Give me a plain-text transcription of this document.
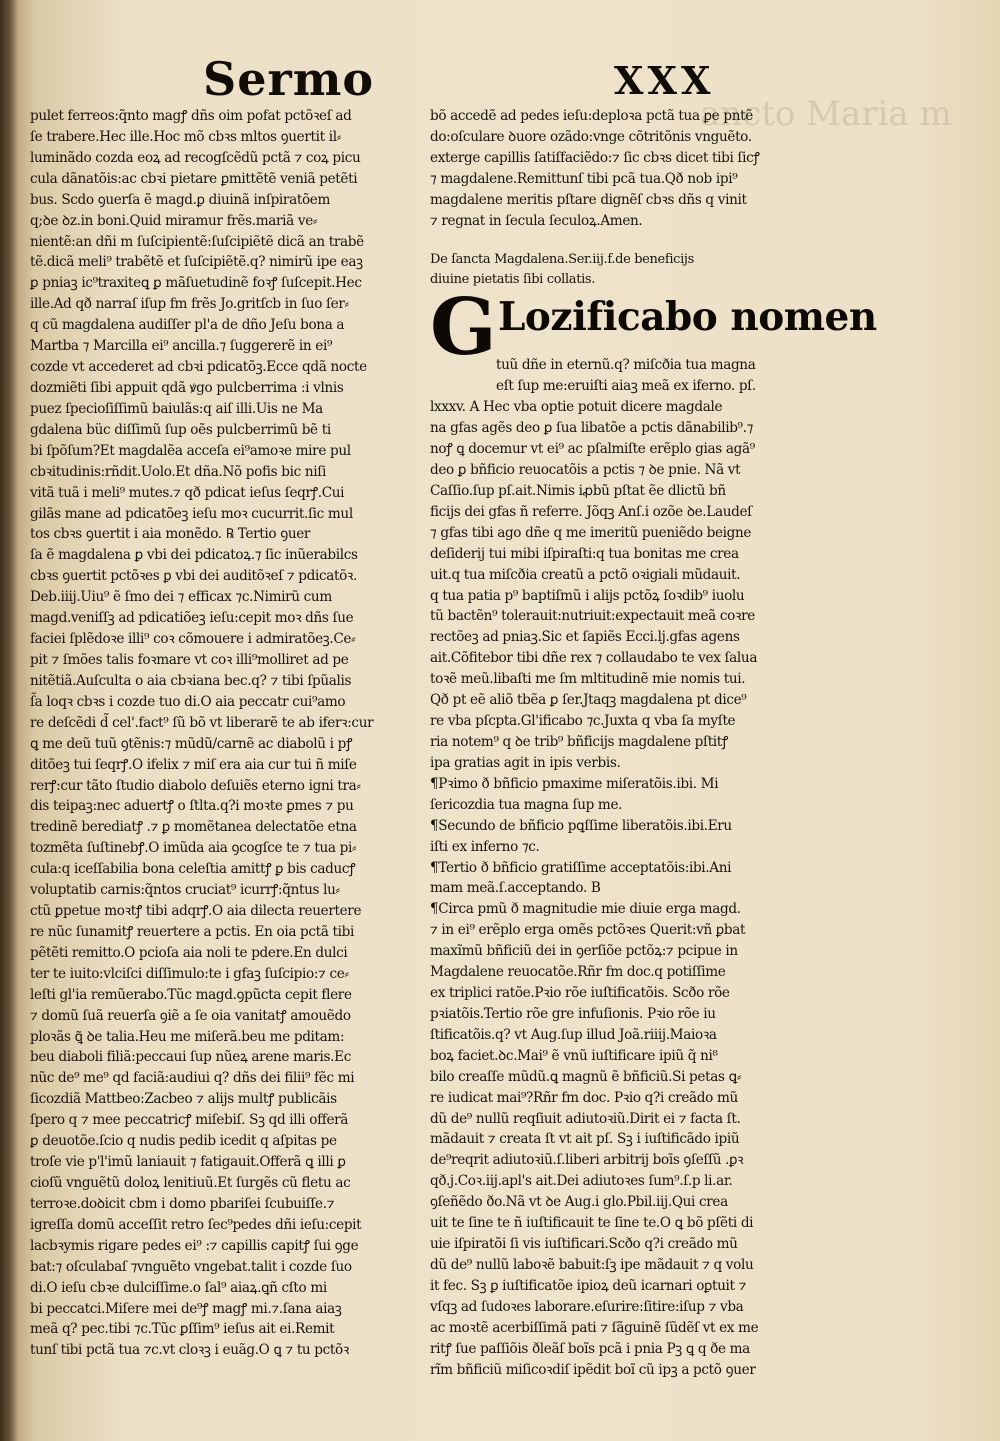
Sermo
ancto Maria m
XXX
pulet ferreos:q̃nto magꝭ dñs oim pofat pctõꝛeſ ad
ſe trabere.Hec ille.Hoc mõ cbꝛs mltos ꝯuertit il⸗
luminãdo cozda eoꝝ ad recogſcẽdũ pctã ⁊ coꝝ picu
cula dãnatõis:ac cbꝛi pietare ꝑmittẽtẽ veniã petẽti
bus. Scdo ꝯuerſa ẽ magd.ꝑ diuinã inſpiratõem
q;ꝺe ꝺz.in boni.Quid miramur frẽs.mariã ve⸗
nientẽ:an dñi m ſuſcipientẽ:ſuſcipiẽtẽ dicã an trabẽ
tẽ.dicã meli⁹ trabẽtẽ et ſuſcipiẽtẽ.q? nimirũ ipe eaꝫ
ꝑ pniaꝫ ic⁹traxiteꝗ ꝑ mãſuetudinẽ foꝛꝭ ſuſcepit.Hec
ille.Ad qð narraſ iſup fm frẽs Jo.gritſcb in ſuo ſer⸗
q cũ magdalena audiſſer pl'a de dño Jeſu bona a
Martba ⁊ Marcilla ei⁹ ancilla.⁊ ſuggererẽ in ei⁹
cozde vt accederet ad cbꝛi pdicatõꝫ.Ecce qdã nocte
dozmiẽti ſibi appuit qdã ꝟgo pulcberrima :i vlnis
puez ſpecioſiſſimũ baiulãs:q aiſ illi.Uis ne Ma
gdalena büc diſſimũ ſup oẽs pulcberrimũ bẽ ti
bi ſpõſum?Et magdalẽa acceſa ei⁹amoꝛe mire pul
cbꝛitudinis:rñdit.Uolo.Et dña.Nõ pofis bic niſi
vitã tuã i meli⁹ mutes.⁊ qð pdicat ieſus ſeqrꝭ.Cui
gilãs mane ad pdicatõeꝫ ieſu moꝛ cucurrit.ſic mul
tos cbꝛs ꝯuertit i aia monẽdo. ℞ Tertio ꝯuer
ſa ẽ magdalena ꝑ vbi dei pdicatoꝝ.⁊ ſic inũerabilcs
cbꝛs ꝯuertit pctõꝛes ꝑ vbi dei auditõꝛeſ ⁊ pdicatõꝛ.
Deb.iiij.Uiu⁹ ẽ ſmo dei ⁊ efficax ⁊c.Nimirũ cum
magd.veniſſꝫ ad pdicatiõeꝫ ieſu:cepit moꝛ dñs ſue
faciei ſplẽdoꝛe illi⁹ coꝛ cõmouere i admiratõeꝫ.Ce⸗
pit ⁊ ſmões talis foꝛmare vt coꝛ illi⁹molliret ad pe
nitẽtiã.Auſculta o aia cbꝛiana bec.q? ⁊ tibi ſpũalis
ſ̃a loqꝛ cbꝛs i cozde tuo di.O aia peccatr cui⁹amo
re deſcẽdi d̃ cel'.fact⁹ ſũ bõ vt liberarẽ te ab iferꝛ:cur
ꝗ me deũ tuũ ꝯtẽnis:⁊ mũdũ/carnẽ ac diabolũ i pꝭ
ditõeꝫ tui ſeqrꝭ.O ifelix ⁊ miſ era aia cur tui ñ miſe
rerꝭ:cur tãto ſtudio diabolo deſuiẽs eterno igni tra⸗
dis teipaꝫ:nec aduertꝭ o ſtlta.q?i moꝛte ꝑmes ⁊ pu
tredinẽ berediatꝭ .⁊ ꝑ momẽtanea delectatõe etna
tozmẽta ſuſtinebꝭ.O imũda aia ꝯcogſce te ⁊ tua pi⸗
cula:q iceſſabilia bona celeſtia amittꝭ ꝑ bis caducꝭ
voluptatib carnis:q̃ntos cruciat⁹ icurrꝭ:q̃ntus lu⸗
ctũ ꝑpetue moꝛtꝭ tibi adqrꝭ.O aia dilecta reuertere
re nũc ſunamitꝭ reuertere a pctis. En oia pctã tibi
pẽtẽti remitto.O pcioſa aia noli te pdere.En dulci
ter te iuito:vlciſci diſſimulo:te i gfaꝫ ſuſcipio:⁊ ce⸗
leſti gl'ia remũerabo.Tũc magd.ꝯpũcta cepit flere
⁊ domũ ſuã reuerſa ꝯiẽ a ſe oia vanitatꝭ amouẽdo
ploꝛãs ꝗ̃ ꝺe talia.Heu me miſerã.beu me pditam:
beu diaboli filiã:peccaui ſup nũeꝝ arene maris.Ec
nũc de⁹ me⁹ qd faciã:audiui q? dñs dei filii⁹ fẽc mi
ſicozdiã Mattbeo:Zacbeo ⁊ alijs multꝭ publicãis
ſpero q ⁊ mee peccatricꝭ miſebiſ. Sꝫ qd illi offerã
ꝑ deuotõe.ſcio q nudis pedib icedit q aſpitas pe
troſe vie p'l'imũ laniauit ⁊ fatigauit.Offerã ꝗ illi ꝑ
cioſũ vnguẽtũ doloꝝ lenitiuũ.Et ſurgẽs cũ fletu ac
terroꝛe.doꝺicit cbm i domo pbariſei ſcubuiſſe.⁊
igreſſa domũ acceſſit retro ſec⁹pedes dñi ieſu:cepit
lacbꝛymis rigare pedes ei⁹ :⁊ capillis capitꝭ ſui ꝯge
bat:⁊ oſculabaſ ⁊vnguẽto vngebat.talit i cozde ſuo
di.O ieſu cbꝛe dulciſſime.o ſal⁹ aiaꝝ.ꝗñ cſto mi
bi peccatci.Miſere mei de⁹ꝭ magꝭ mi.⁊.ſana aiaꝫ
meã q? pec.tibi ⁊c.Tũc ꝑſſim⁹ ieſus ait ei.Remit
tunſ tibi pctã tua ⁊c.vt cloꝛꝫ i euãg.O ꝗ ⁊ tu pctõꝛ
bõ accedẽ ad pedes ieſu:deploꝛa pctã tua ꝑe pntẽ
do:oſculare ꝺuore ozãdo:vnge cõtritõnis vnguẽto.
exterge capillis ſatiſfaciẽdo:⁊ ſic cbꝛs dicet tibi ſicꝭ
⁊ magdalene.Remittunſ tibi pcã tua.Qð nob ipi⁹
magdalene meritis pſtare dignẽſ cbꝛs dñs q vinit
⁊ regnat in ſecula ſeculoꝝ.Amen.
De ſancta Magdalena.Ser.iij.f.de beneficijs
diuine pietatis ſibi collatis.
G Lozificabo nomen
tuũ dñe in eternũ.q? miſcðia tua magna
eſt ſup me:eruiſti aiaꝫ meã ex iferno. pſ.
lxxxv. A Hec vba optie potuit dicere magdale
na gfas agẽs deo ꝑ ſua libatõe a pctis dãnabilib⁹.⁊
noꝭ ꝗ docemur vt ei⁹ ac pſalmiſte erẽplo gias agã⁹
deo ꝑ bñficio reuocatõis a pctis ⁊ ꝺe pnie. Nã vt
Caſſio.ſup pſ.ait.Nimis iꝓbũ pſtat ẽe dlictũ bñ
ficijs dei gfas ñ referre. Jõqꝫ Anſ.i ozõe ꝺe.Laudeſ
⁊ gfas tibi ago dñe q me imeritũ pueniẽdo beigne
deſiderij tui mibi iſpiraſti:q tua bonitas me crea
uit.q tua miſcðia creatũ a pctõ oꝛigiali mũdauit.
q tua patia p⁹ baptiſmũ i alijs pctõꝝ ſoꝛdib⁹ iuolu
tũ bactẽn⁹ tolerauit:nutriuit:expectauit meã coꝛre
rectõeꝫ ad pniaꝫ.Sic et ſapiẽs Ecci.lj.gfas agens
ait.Cõfitebor tibi dñe rex ⁊ collaudabo te vex ſalua
toꝛẽ meũ.libaſti me ſm mltitudinẽ mie nomis tui.
Qð pt eẽ aliõ tbẽa ꝑ ſer.Jtaqꝫ magdalena pt dice⁹
re vba pſcpta.Gl'ificabo ⁊c.Juxta q vba ſa myſte
ria notem⁹ q ꝺe trib⁹ bñficijs magdalene pſtitꝭ
ipa gratias agit in ipis verbis.
¶Pꝛimo ð bñficio pmaxime miſeratõis.ibi. Mi
ſericozdia tua magna ſup me.
¶Secundo de bñficio pꝗſſime liberatõis.ibi.Eru
iſti ex inferno ⁊c.
¶Tertio ð bñficio gratiſſime acceptatõis:ibi.Ani
mam meã.ſ.acceptando. B
¶Circa pmũ ð magnitudie mie diuie erga magd.
⁊ in ei⁹ erẽplo erga omẽs pctõꝛes Querit:vñ ꝑbat
maxĩmũ bñficiũ dei in ꝯerſiõe pctõꝝ:⁊ pcipue in
Magdalene reuocatõe.Rñr fm doc.q potiſſime
ex triplici ratõe.Pꝛio rõe iuſtificatõis. Scðo rõe
pꝛiatõis.Tertio rõe gre infuſionis. Pꝛio rõe iu
ſtificatõis.q? vt Aug.ſup illud Joã.riiij.Maioꝛa
boꝝ faciet.ꝺc.Mai⁹ ẽ vnũ iuſtificare ipiũ q̃ ni⁸
bilo creaſſe mũdũ.ꝗ magnũ ẽ bñficiũ.Si petas ꝗ⸗
re iudicat mai⁹?Rñr fm doc. Pꝛio q?i creãdo mũ
dũ de⁹ nullũ reqſiuit adiutoꝛiũ.Dirit ei ⁊ facta ſt.
mãdauit ⁊ creata ſt vt ait pſ. Sꝫ i iuſtificãdo ipiũ
de⁹reqrit adiutoꝛiũ.ſ.liberi arbitrij boīs ꝯſeſſũ .ꝑꝛ
qð.j.Coꝛ.iij.apl's ait.Dei adiutoꝛes ſum⁹.ſ.p li.ar.
ꝯſeñẽdo ðo.Nã vt ꝺe Aug.i glo.Pbil.iij.Qui crea
uit te ſine te ñ iuſtificauit te ſine te.O ꝗ bõ pſẽti di
uie iſpiratõi ſi vis iuſtificari.Scðo q?i creãdo mũ
dũ de⁹ nullũ laboꝛẽ babuit:ſꝫ ipe mãdauit ⁊ q volu
it fec. Sꝫ ꝑ iuſtificatõe ipioꝝ deũ icarnari oꝑtuit ⁊
vſqꝫ ad ſudoꝛes laborare.eſurire:ſitire:iſup ⁊ vba
ac moꝛtẽ acerbiſſimã pati ⁊ ſãguinẽ ſũdẽſ vt ex me
ritꝭ ſue paſſiõis ðleãſ boĩs pcã i pnia Pꝫ ꝗ q ðe ma
rĩm bñficiũ miſicoꝛdiſ ipẽdit boĩ cũ ipꝫ a pctõ ꝯuer
